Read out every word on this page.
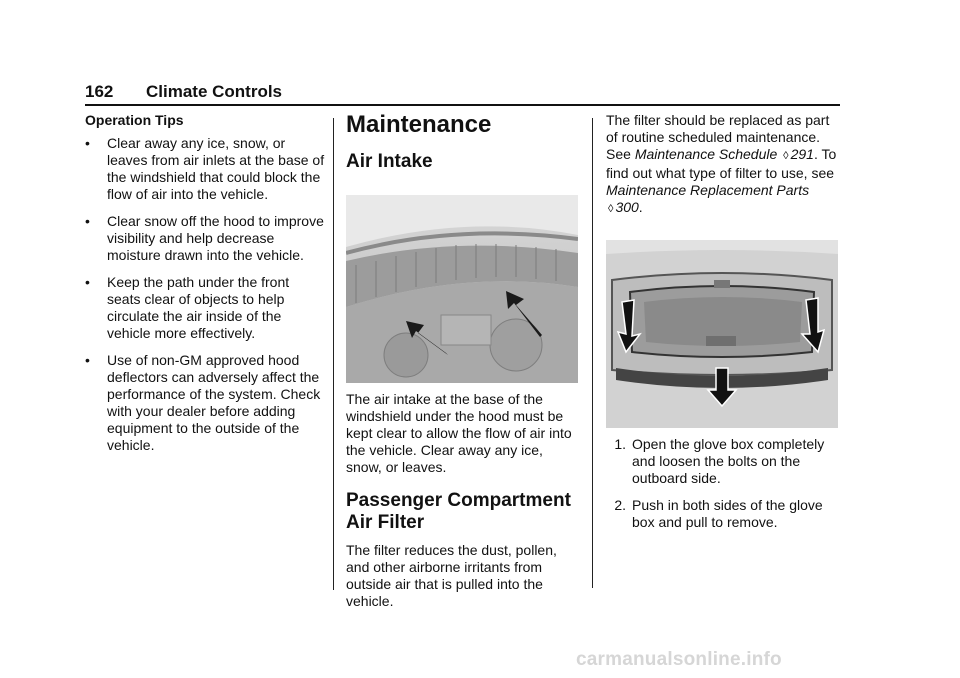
162 Climate Controls
Operation Tips
• Clear away any ice, snow, or leaves from air inlets at the base of the windshield that could block the flow of air into the vehicle.
• Clear snow off the hood to improve visibility and help decrease moisture drawn into the vehicle.
• Keep the path under the front seats clear of objects to help circulate the air inside of the vehicle more effectively.
• Use of non-GM approved hood deflectors can adversely affect the performance of the system. Check with your dealer before adding equipment to the outside of the vehicle.
Maintenance
Air Intake

The air intake at the base of the windshield under the hood must be kept clear to allow the flow of air into the vehicle. Clear away any ice, snow, or leaves.

Passenger Compartment
Air Filter

The filter reduces the dust, pollen, and other airborne irritants from outside air that is pulled into the vehicle.

The filter should be replaced as part of routine scheduled maintenance. See Maintenance Schedule ◊ 291. To find out what type of filter to use, see Maintenance Replacement Parts ◊ 300.

1. Open the glove box completely and loosen the bolts on the outboard side.
2. Push in both sides of the glove box and pull to remove.
carmanualsonline.info
